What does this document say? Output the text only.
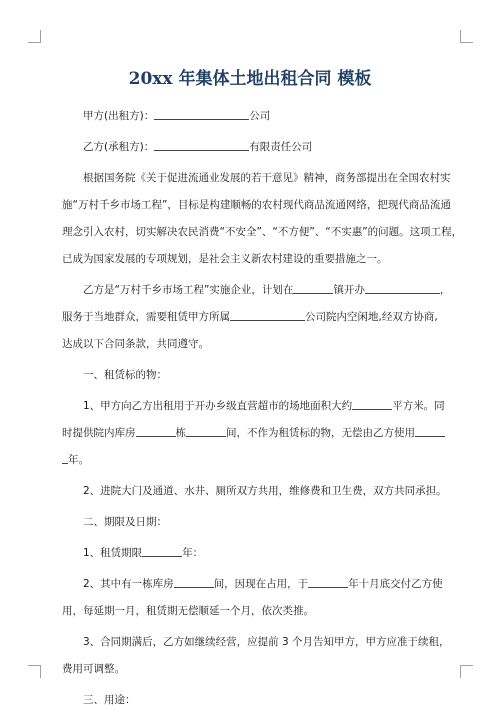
20xx 年集体土地出租合同 模板
甲方(出租方)：	公司
乙方(承租方)：	有限责任公司
根据国务院《关于促进流通业发展的若干意见》精神，商务部提出在全国农村实
施“万村千乡市场工程”，目标是构建顺畅的农村现代商品流通网络，把现代商品流通
理念引入农村，切实解决农民消费“不安全”、“不方便”、“不实惠”的问题。这项工程，
已成为国家发展的专项规划，是社会主义新农村建设的重要措施之一。
乙方是“万村千乡市场工程”实施企业，计划在	镇开办	，
服务于当地群众，需要租赁甲方所属	公司院内空闲地,经双方协商,
达成以下合同条款，共同遵守。
一、租赁标的物：
1、甲方向乙方出租用于开办乡级直营超市的场地面积大约	平方米。同
时提供院内库房	栋	间，不作为租赁标的物，无偿由乙方使用
年。
2、进院大门及通道、水井、厕所双方共用，维修费和卫生费，双方共同承担。
二、期限及日期：
1、租赁期限	年：
2、其中有一栋库房	间，因现在占用，于	年十月底交付乙方使
用，每延期一月，租赁期无偿顺延一个月，依次类推。
3、合同期满后，乙方如继续经营，应提前 3 个月告知甲方，甲方应准于续租，
费用可调整。
三、用途：
